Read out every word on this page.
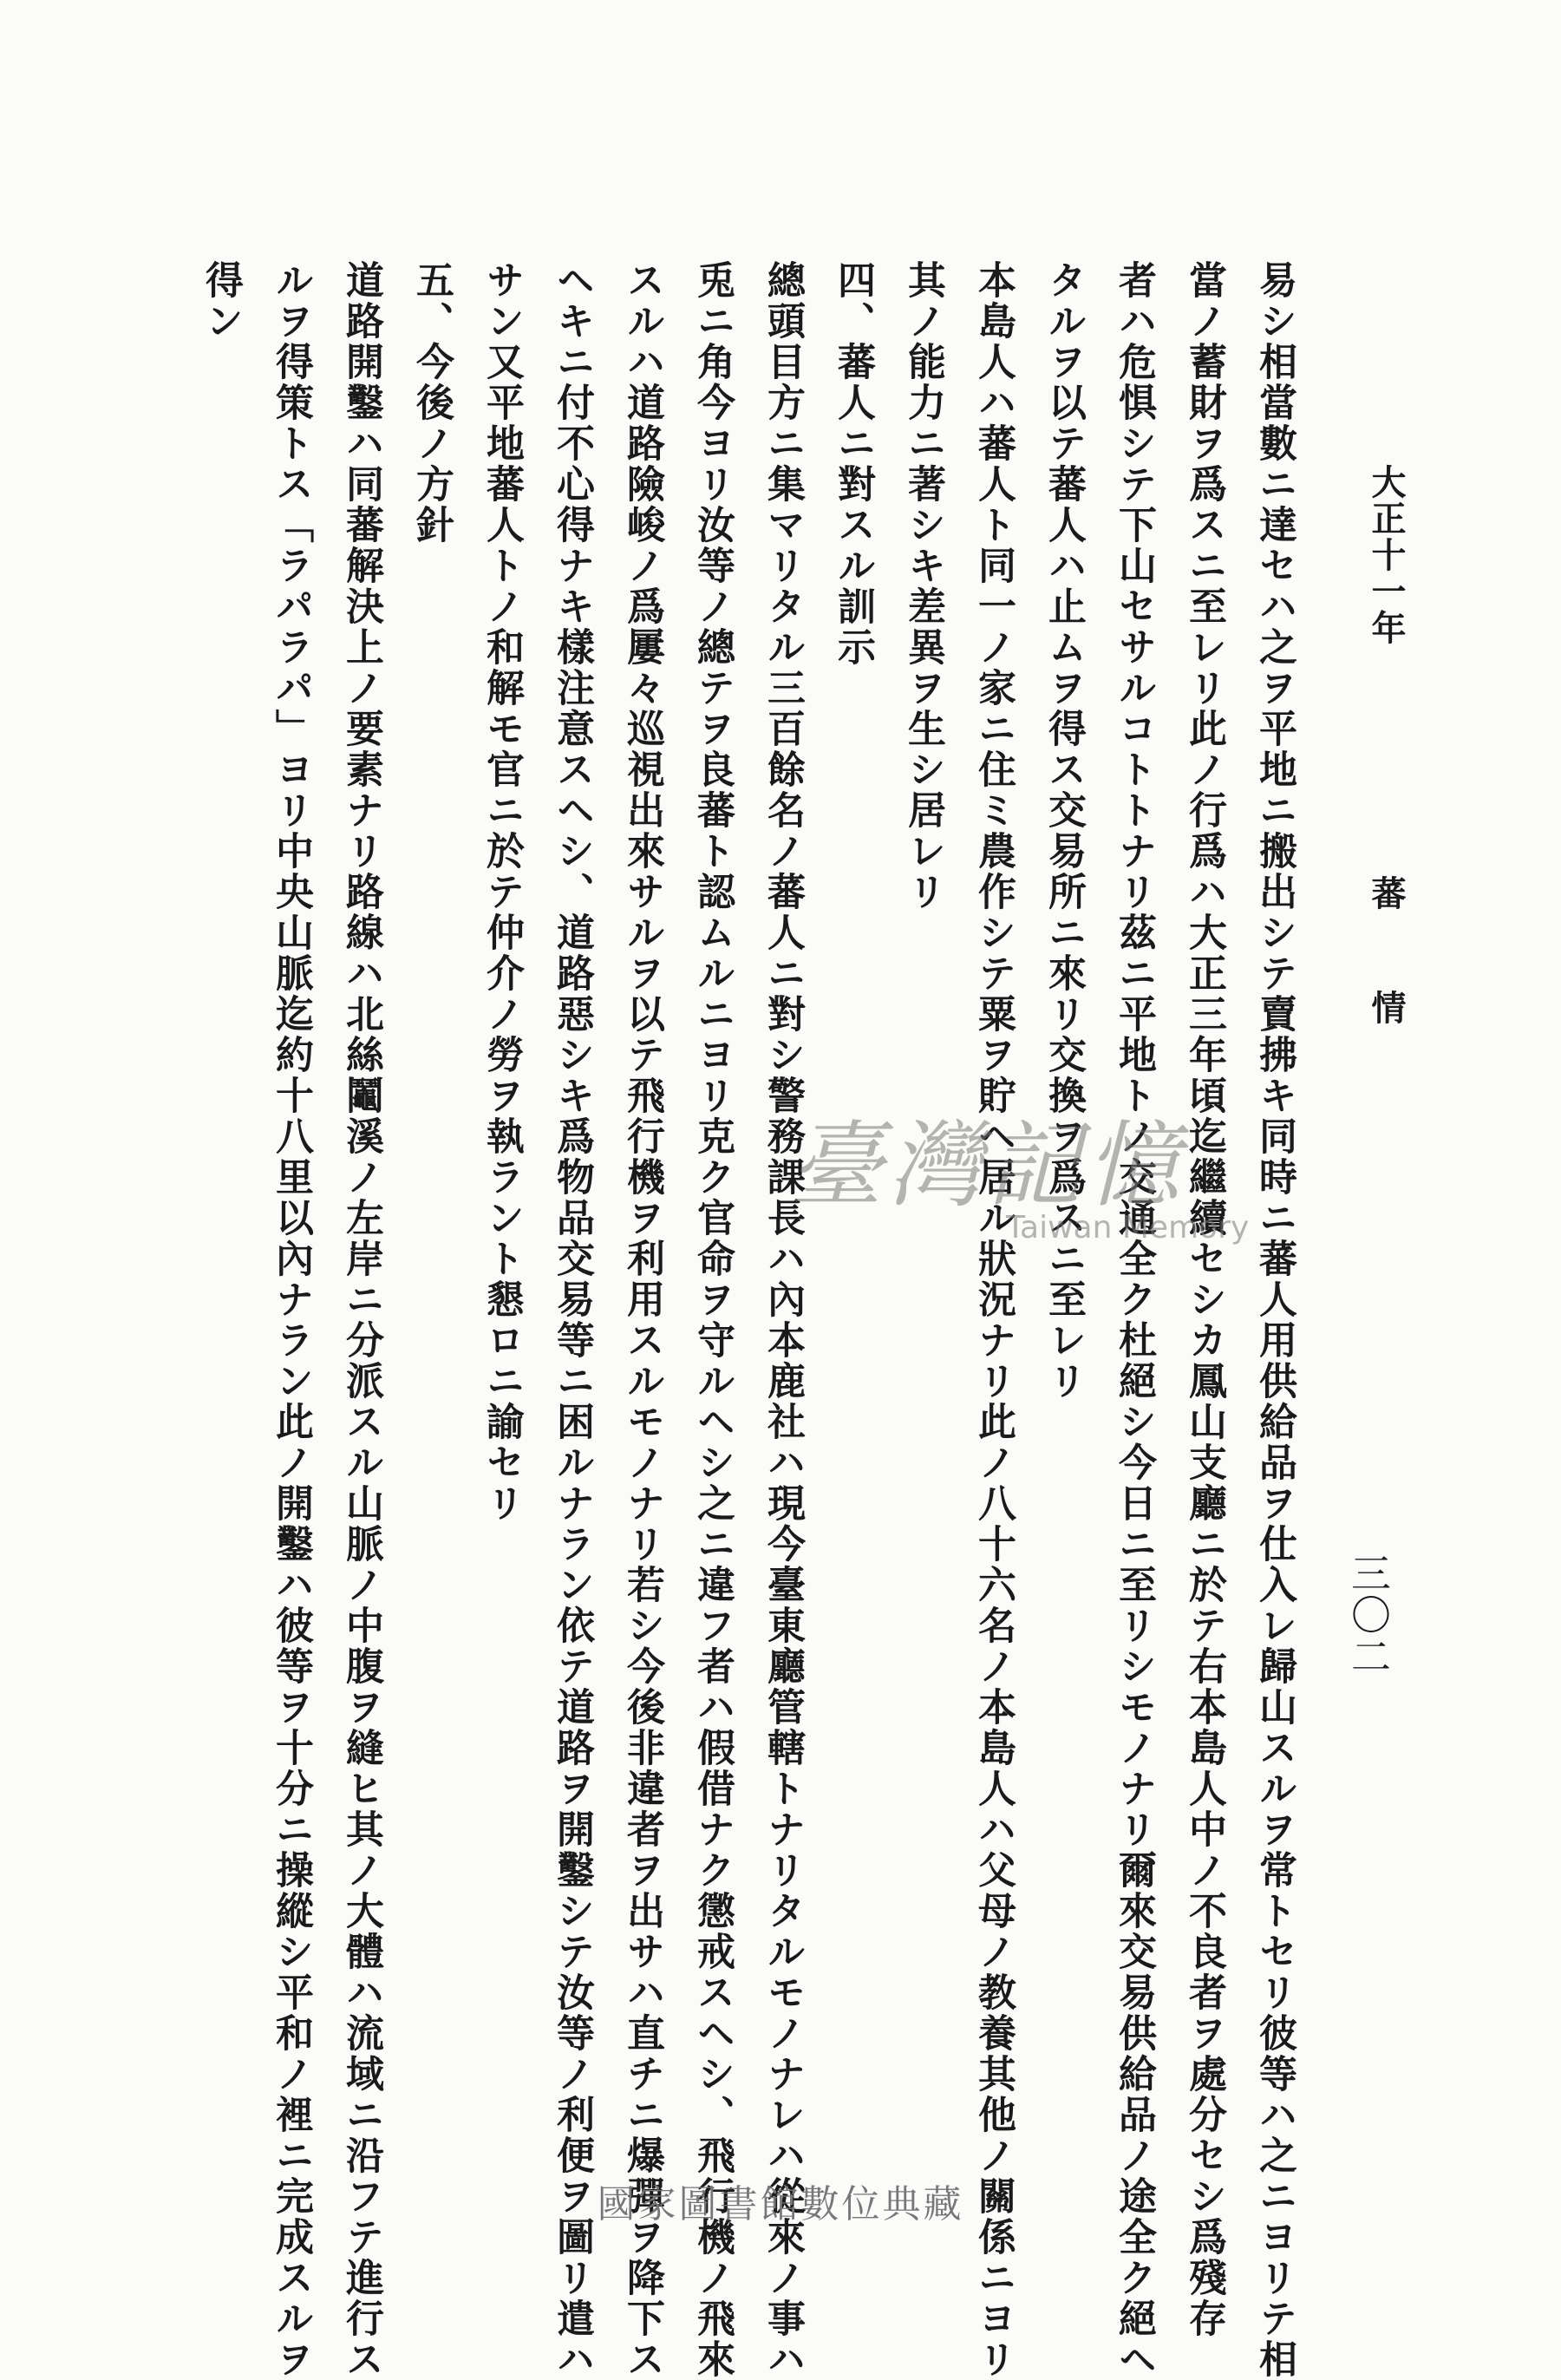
大正十一年 蕃　　情
三〇二
易シ相當數ニ達セハ之ヲ平地ニ搬出シテ賣拂キ同時ニ蕃人用供給品ヲ仕入レ歸山スルヲ常トセリ彼等ハ之ニヨリテ相
當ノ蓄財ヲ爲スニ至レリ此ノ行爲ハ大正三年頃迄繼續セシカ鳳山支廳ニ於テ右本島人中ノ不良者ヲ處分セシ爲殘存
者ハ危惧シテ下山セサルコトトナリ茲ニ平地トノ交通全ク杜絕シ今日ニ至リシモノナリ爾來交易供給品ノ途全ク絕ヘ
タルヲ以テ蕃人ハ止ムヲ得ス交易所ニ來リ交換ヲ爲スニ至レリ
本島人ハ蕃人ト同一ノ家ニ住ミ農作シテ粟ヲ貯ヘ居ル狀況ナリ此ノ八十六名ノ本島人ハ父母ノ教養其他ノ關係ニヨリ
其ノ能力ニ著シキ差異ヲ生シ居レリ
四、蕃人ニ對スル訓示
總頭目方ニ集マリタル三百餘名ノ蕃人ニ對シ警務課長ハ內本鹿社ハ現今臺東廳管轄トナリタルモノナレハ從來ノ事ハ
兎ニ角今ヨリ汝等ノ總テヲ良蕃ト認ムルニヨリ克ク官命ヲ守ルヘシ之ニ違フ者ハ假借ナク懲戒スヘシ、飛行機ノ飛來
スルハ道路險峻ノ爲屢々巡視出來サルヲ以テ飛行機ヲ利用スルモノナリ若シ今後非違者ヲ出サハ直チニ爆彈ヲ降下ス
ヘキニ付不心得ナキ樣注意スヘシ、道路惡シキ爲物品交易等ニ困ルナラン依テ道路ヲ開鑿シテ汝等ノ利便ヲ圖リ遣ハ
サン又平地蕃人トノ和解モ官ニ於テ仲介ノ勞ヲ執ラント懇ロニ諭セリ
五、今後ノ方針
道路開鑿ハ同蕃解決上ノ要素ナリ路線ハ北絲鬮溪ノ左岸ニ分派スル山脈ノ中腹ヲ縫ヒ其ノ大體ハ流域ニ沿フテ進行ス
ルヲ得策トス「ラパラパ」ヨリ中央山脈迄約十八里以內ナラン此ノ開鑿ハ彼等ヲ十分ニ操縱シ平和ノ裡ニ完成スルヲ
得ン
臺灣記憶
Taiwan Memory
國家圖書館數位典藏
